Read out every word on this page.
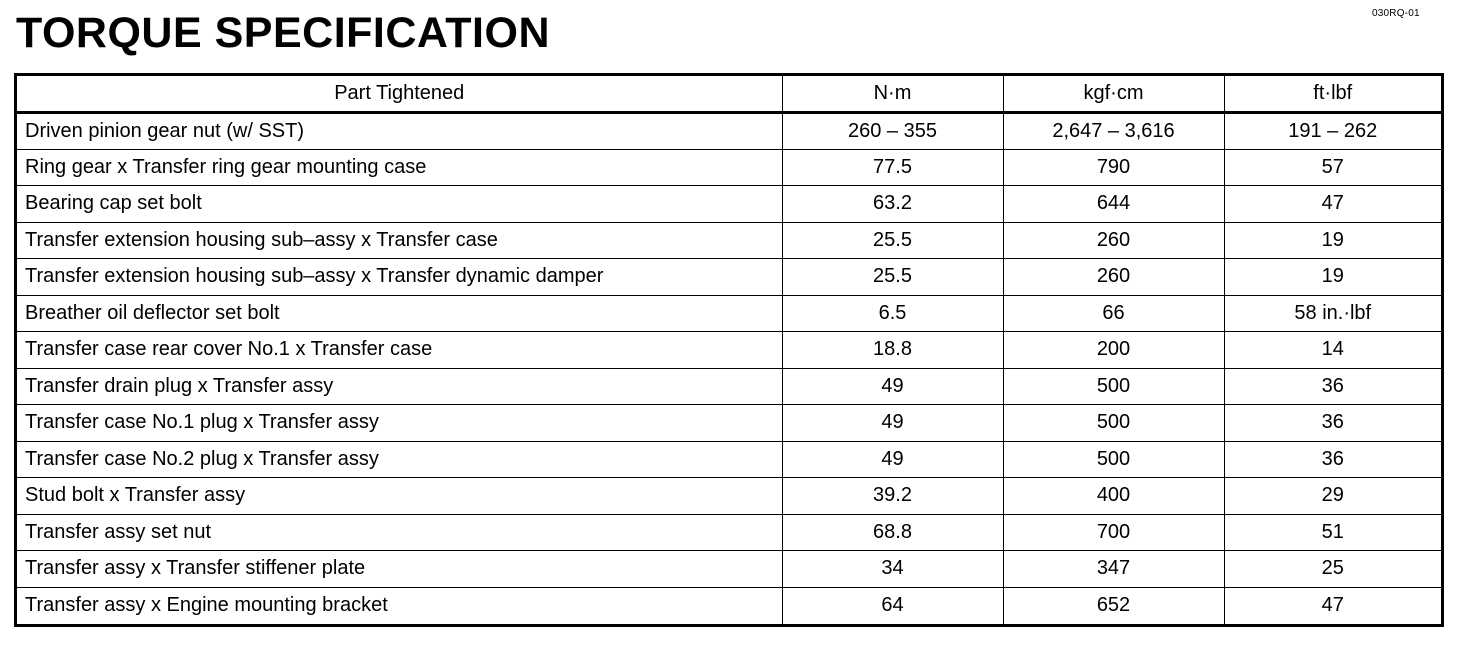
030RQ-01
TORQUE SPECIFICATION
Part Tightened	N·m	kgf·cm	ft·lbf
Driven pinion gear nut (w/ SST)	260 – 355	2,647 – 3,616	191 – 262
Ring gear x Transfer ring gear mounting case	77.5	790	57
Bearing cap set bolt	63.2	644	47
Transfer extension housing sub–assy x Transfer case	25.5	260	19
Transfer extension housing sub–assy x Transfer dynamic damper	25.5	260	19
Breather oil deflector set bolt	6.5	66	58 in.·lbf
Transfer case rear cover No.1 x Transfer case	18.8	200	14
Transfer drain plug x Transfer assy	49	500	36
Transfer case No.1 plug x Transfer assy	49	500	36
Transfer case No.2 plug x Transfer assy	49	500	36
Stud bolt x Transfer assy	39.2	400	29
Transfer assy set nut	68.8	700	51
Transfer assy x Transfer stiffener plate	34	347	25
Transfer assy x Engine mounting bracket	64	652	47
